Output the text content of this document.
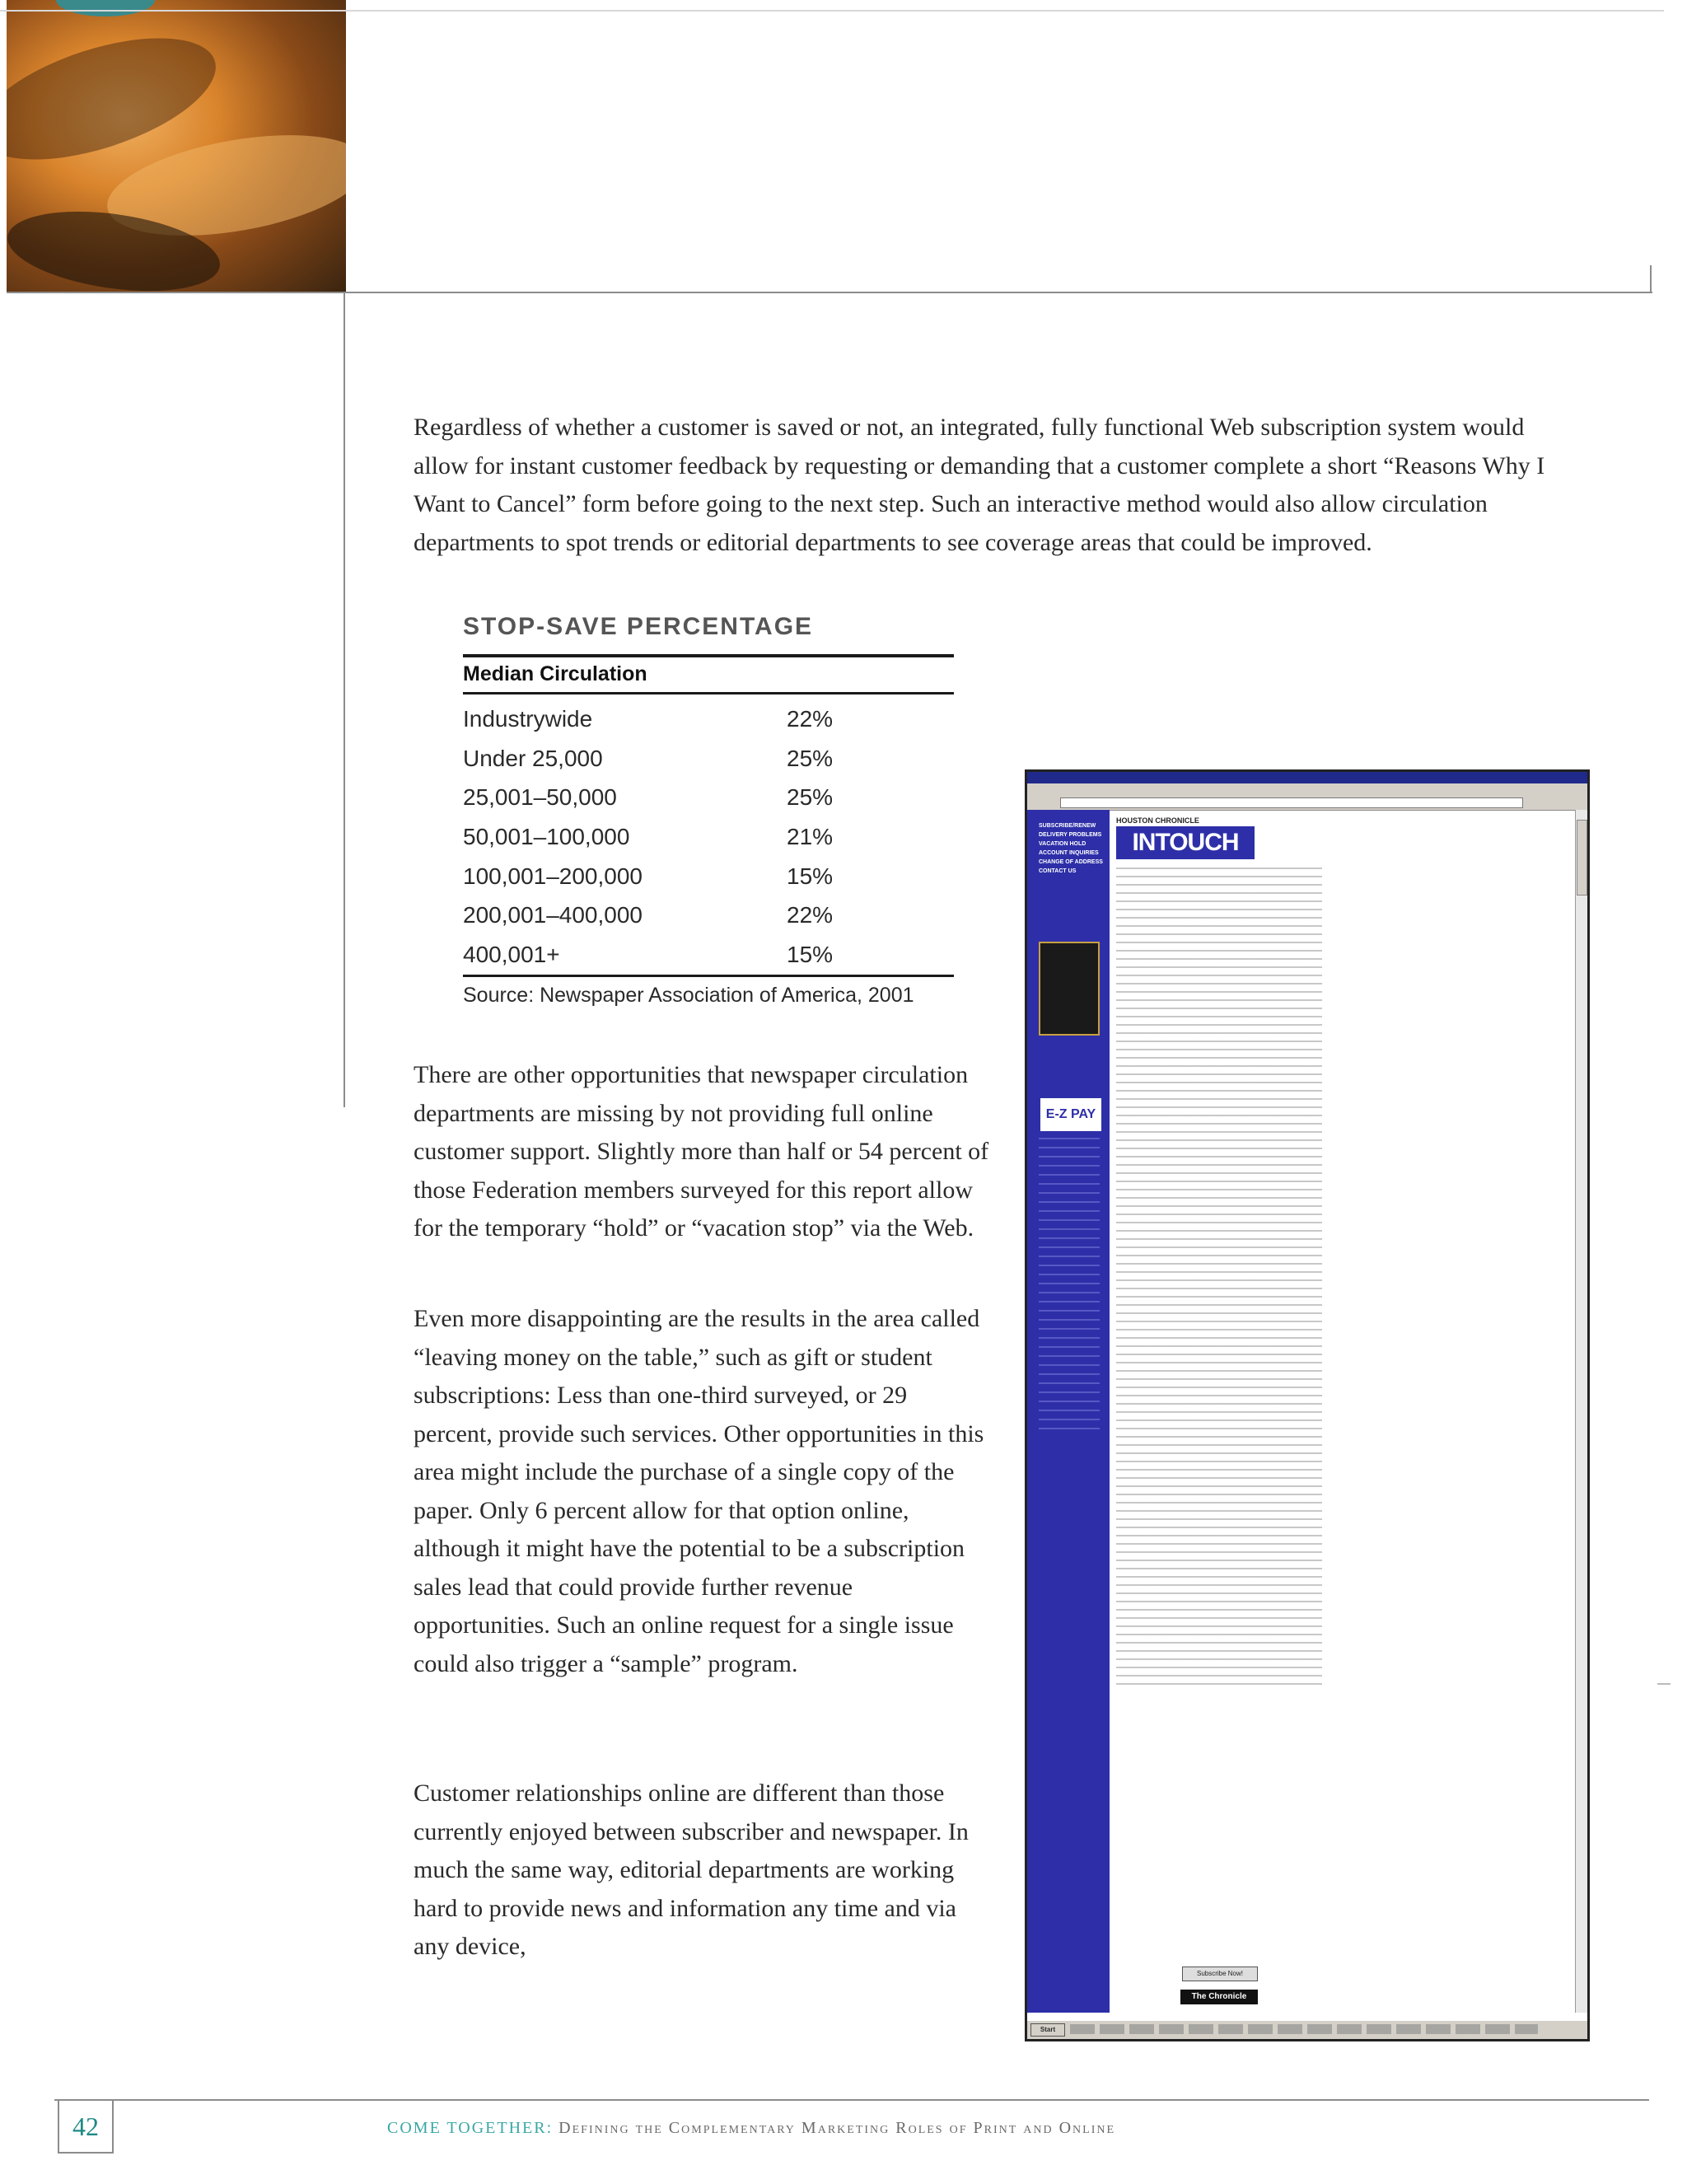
Regardless of whether a customer is saved or not, an integrated, fully functional Web subscription system would allow for instant customer feedback by requesting or demanding that a customer complete a short “Reasons Why I Want to Cancel” form before going to the next step. Such an interactive method would also allow circulation departments to spot trends or editorial departments to see coverage areas that could be improved.

STOP-SAVE PERCENTAGE
Median Circulation
Industrywide	22%
Under 25,000	25%
25,001–50,000	25%
50,001–100,000	21%
100,001–200,000	15%
200,001–400,000	22%
400,001+	15%
Source: Newspaper Association of America, 2001

There are other opportunities that newspaper circulation departments are missing by not providing full online customer support. Slightly more than half or 54 percent of those Federation members surveyed for this report allow for the temporary “hold” or “vacation stop” via the Web.

Even more disappointing are the results in the area called “leaving money on the table,” such as gift or student subscriptions: Less than one-third surveyed, or 29 percent, provide such services. Other opportunities in this area might include the purchase of a single copy of the paper. Only 6 percent allow for that option online, although it might have the potential to be a subscription sales lead that could provide further revenue opportunities. Such an online request for a single issue could also trigger a “sample” program.

Customer relationships online are different than those currently enjoyed between subscriber and newspaper. In much the same way, editorial departments are working hard to provide news and information any time and via any device,

SUBSCRIBE/RENEW
DELIVERY PROBLEMS
VACATION HOLD
ACCOUNT INQUIRIES
CHANGE OF ADDRESS
CONTACT US
E-Z PAY
HOUSTON CHRONICLE
INTOUCH
Subscribe Now!
The Chronicle
Start
42	COME TOGETHER: Defining the Complementary Marketing Roles of Print and Online
